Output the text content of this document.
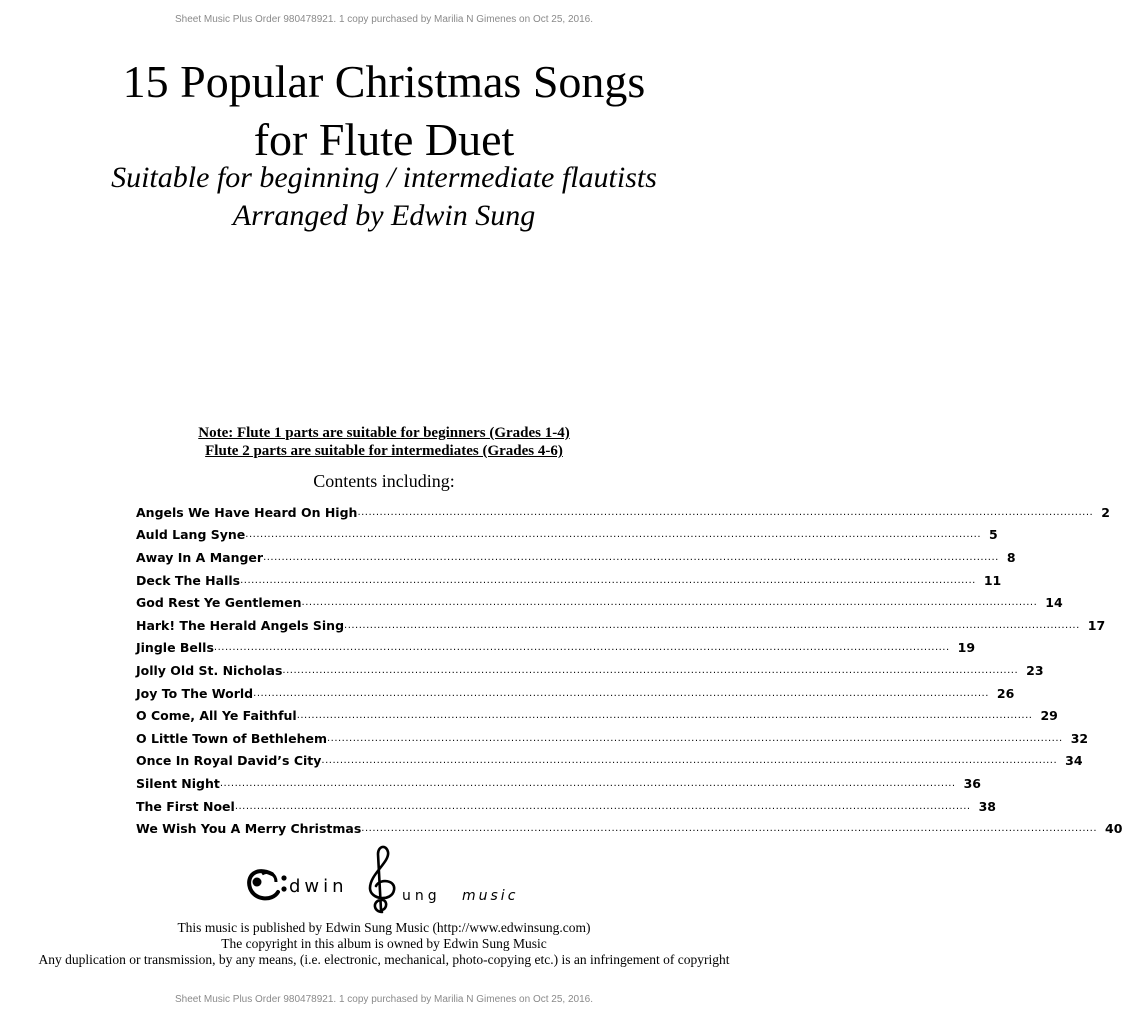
Sheet Music Plus Order 980478921. 1 copy purchased by Marilia N Gimenes on Oct 25, 2016.
15 Popular Christmas Songs
for Flute Duet
Suitable for beginning / intermediate flautists
Arranged by Edwin Sung
Note: Flute 1 parts are suitable for beginners (Grades 1-4)
Flute 2 parts are suitable for intermediates (Grades 4-6)
Contents including:
Angels We Have Heard On High ........................................................................................................................................................................................................ 2
Auld Lang Syne ........................................................................................................................................................................................................ 5
Away In A Manger ........................................................................................................................................................................................................ 8
Deck The Halls ........................................................................................................................................................................................................ 11
God Rest Ye Gentlemen ........................................................................................................................................................................................................ 14
Hark! The Herald Angels Sing ........................................................................................................................................................................................................ 17
Jingle Bells ........................................................................................................................................................................................................ 19
Jolly Old St. Nicholas ........................................................................................................................................................................................................ 23
Joy To The World ........................................................................................................................................................................................................ 26
O Come, All Ye Faithful ........................................................................................................................................................................................................ 29
O Little Town of Bethlehem ........................................................................................................................................................................................................ 32
Once In Royal David’s City ........................................................................................................................................................................................................ 34
Silent Night ........................................................................................................................................................................................................ 36
The First Noel ........................................................................................................................................................................................................ 38
We Wish You A Merry Christmas ........................................................................................................................................................................................................ 40
dwin	ung music
This music is published by Edwin Sung Music (http://www.edwinsung.com)
The copyright in this album is owned by Edwin Sung Music
Any duplication or transmission, by any means, (i.e. electronic, mechanical, photo-copying etc.) is an infringement of copyright
Sheet Music Plus Order 980478921. 1 copy purchased by Marilia N Gimenes on Oct 25, 2016.
